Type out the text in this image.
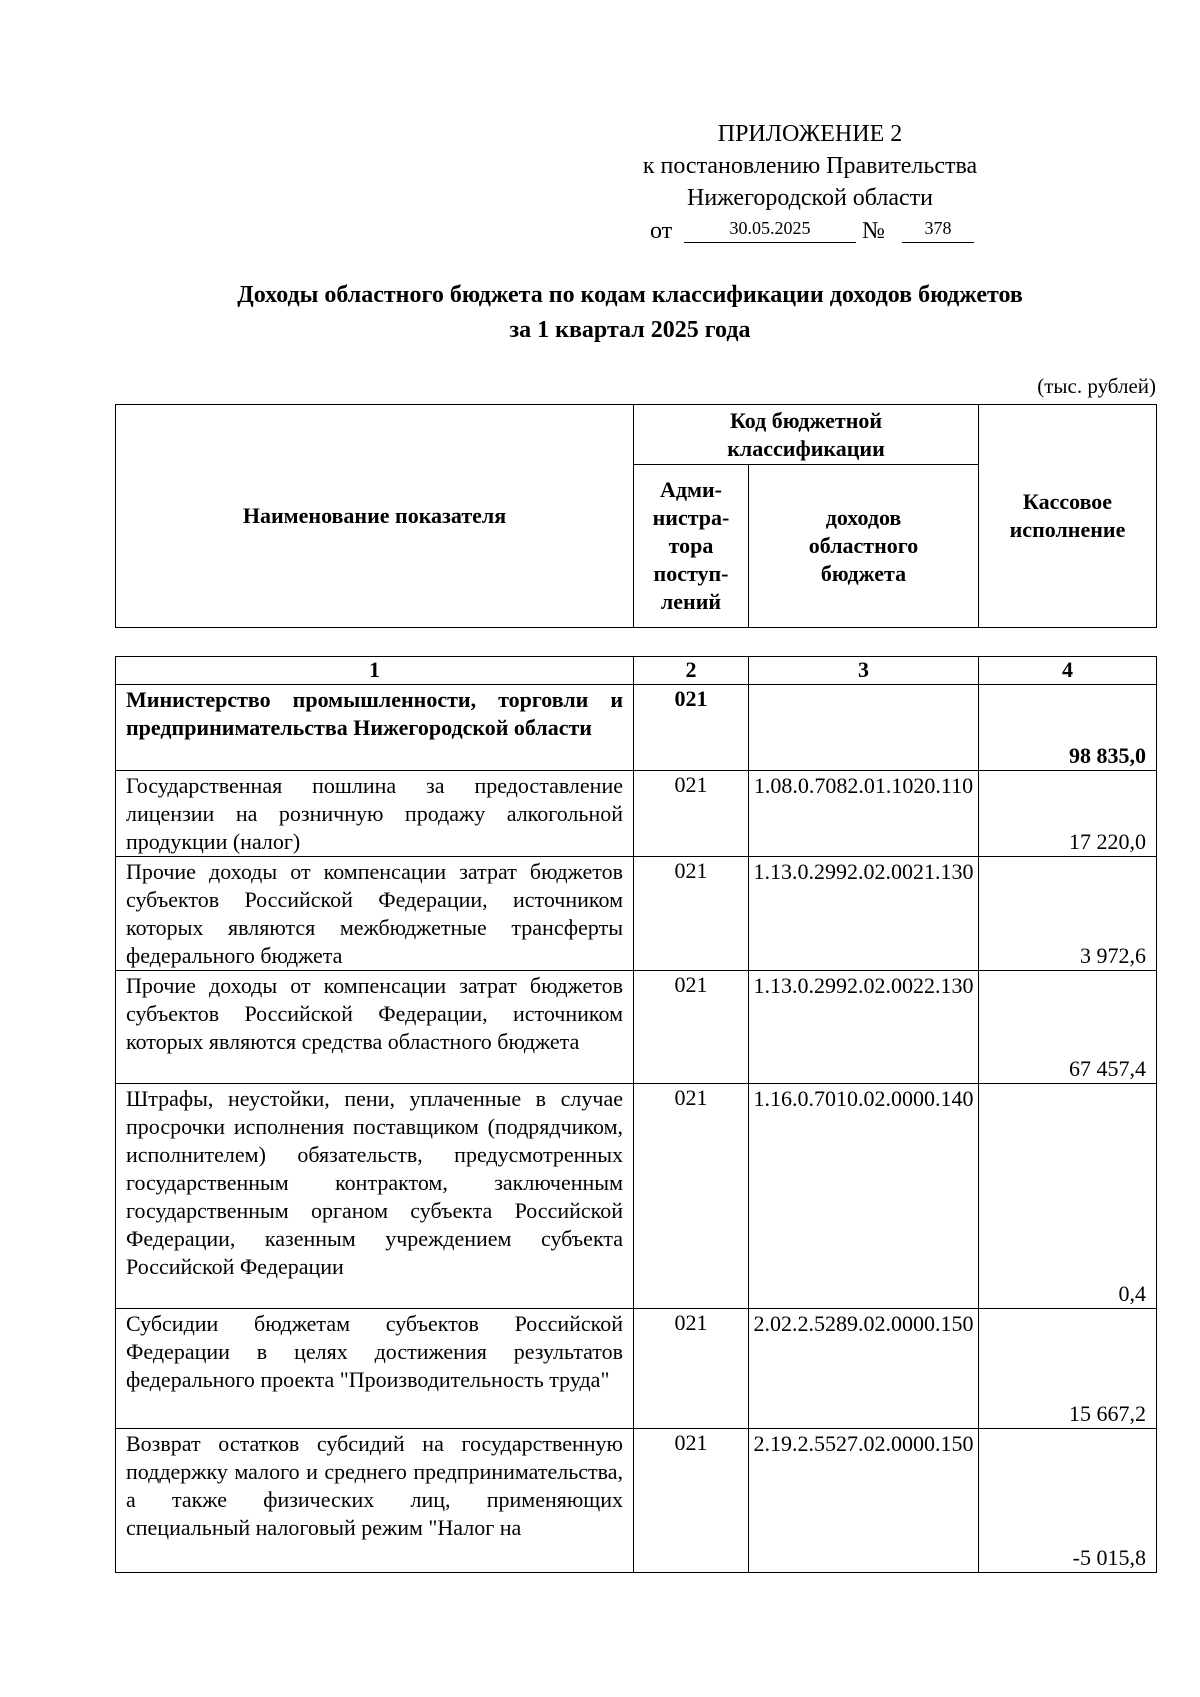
ПРИЛОЖЕНИЕ 2
к постановлению Правительства
Нижегородской области
от	30.05.2025	№	378
Доходы областного бюджета по кодам классификации доходов бюджетов
за 1 квартал 2025 года
(тыс. рублей)
Наименование показателя	Код бюджетной классификации		Кассовое исполнение
	Адми-нистра-тора поступ-лений	доходов областного бюджета	
1	2	3	4
Министерство промышленности, торговли и предпринимательства Нижегородской области	021		98 835,0
Государственная пошлина за предоставление лицензии на розничную продажу алкогольной продукции (налог)	021	1.08.0.7082.01.1020.110	17 220,0
Прочие доходы от компенсации затрат бюджетов субъектов Российской Федерации, источником которых являются межбюджетные трансферты федерального бюджета	021	1.13.0.2992.02.0021.130	3 972,6
Прочие доходы от компенсации затрат бюджетов субъектов Российской Федерации, источником которых являются средства областного бюджета	021	1.13.0.2992.02.0022.130	67 457,4
Штрафы, неустойки, пени, уплаченные в случае просрочки исполнения поставщиком (подрядчиком, исполнителем) обязательств, предусмотренных государственным контрактом, заключенным государственным органом субъекта Российской Федерации, казенным учреждением субъекта Российской Федерации	021	1.16.0.7010.02.0000.140	0,4
Субсидии бюджетам субъектов Российской Федерации в целях достижения результатов федерального проекта "Производительность труда"	021	2.02.2.5289.02.0000.150	15 667,2
Возврат остатков субсидий на государственную поддержку малого и среднего предпринимательства, а также физических лиц, применяющих специальный налоговый режим "Налог на	021	2.19.2.5527.02.0000.150	-5 015,8
